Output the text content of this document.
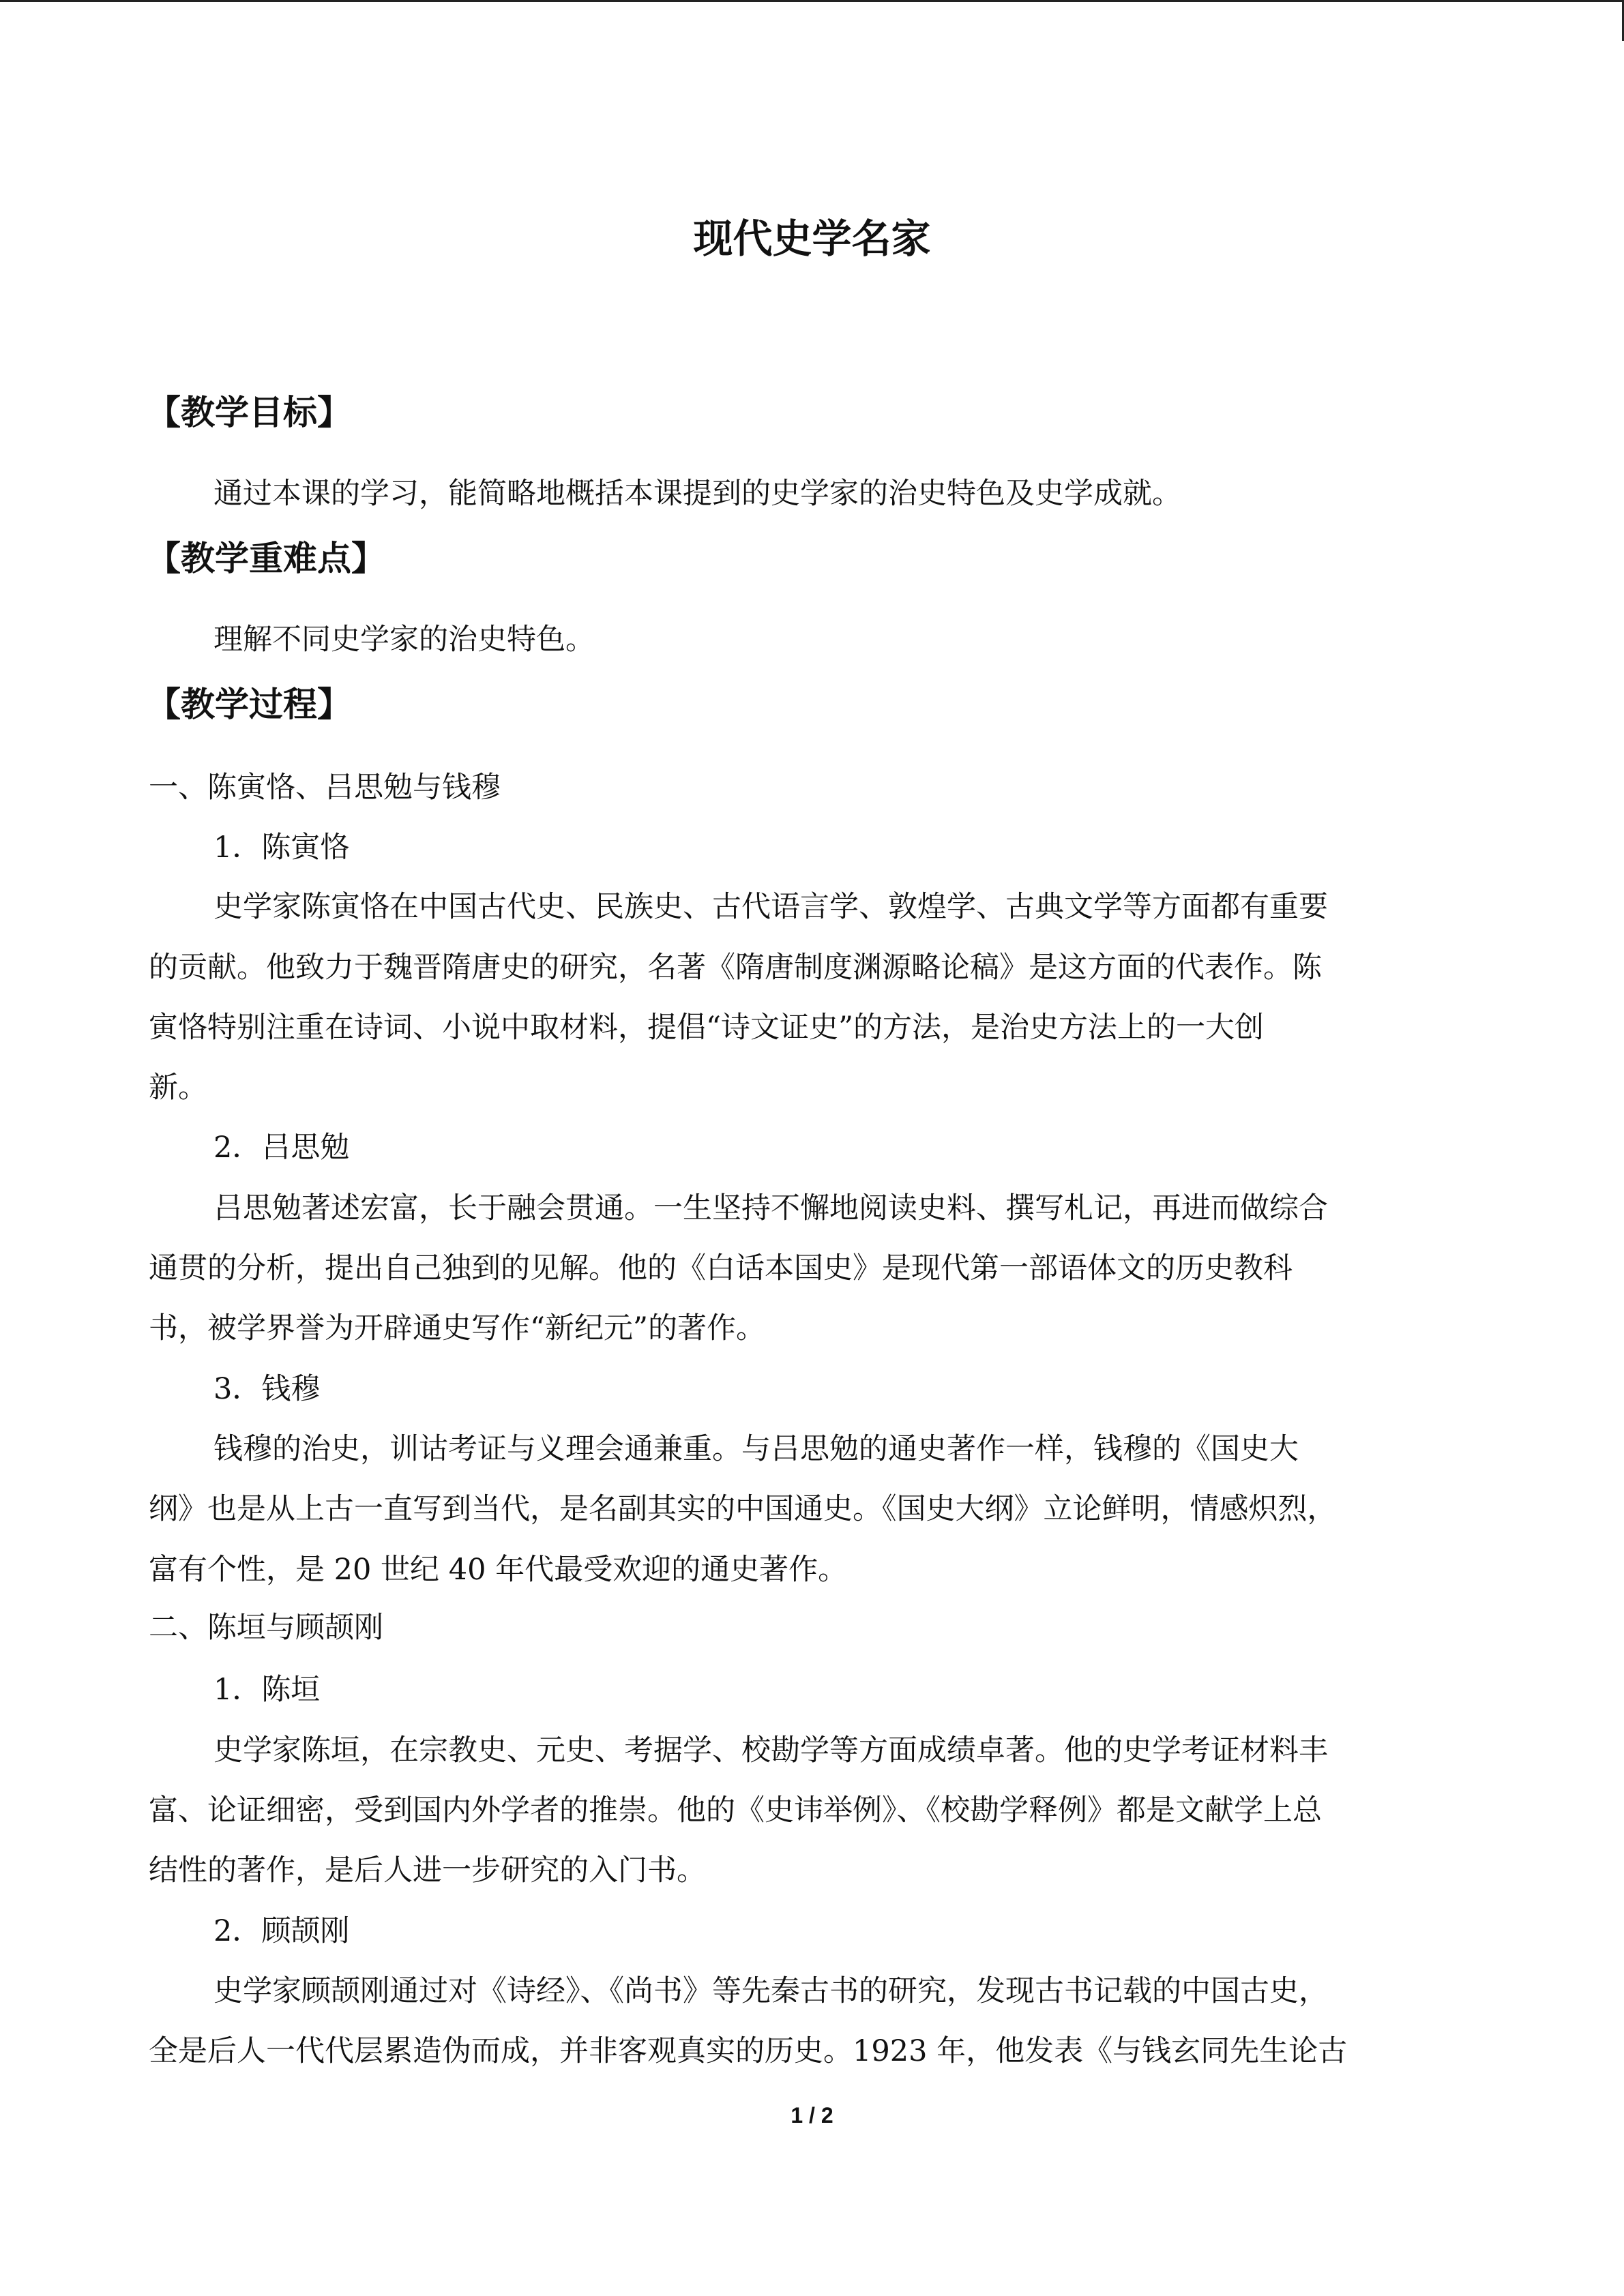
现代史学名家
【教学目标】
通过本课的学习，能简略地概括本课提到的史学家的治史特色及史学成就。
【教学重难点】
理解不同史学家的治史特色。
【教学过程】
一、陈寅恪、吕思勉与钱穆
1．陈寅恪
史学家陈寅恪在中国古代史、民族史、古代语言学、敦煌学、古典文学等方面都有重要
的贡献。他致力于魏晋隋唐史的研究，名著《隋唐制度渊源略论稿》是这方面的代表作。陈
寅恪特别注重在诗词、小说中取材料，提倡“诗文证史”的方法，是治史方法上的一大创
新。
2．吕思勉
吕思勉著述宏富，长于融会贯通。一生坚持不懈地阅读史料、撰写札记，再进而做综合
通贯的分析，提出自己独到的见解。他的《白话本国史》是现代第一部语体文的历史教科
书，被学界誉为开辟通史写作“新纪元”的著作。
3．钱穆
钱穆的治史，训诂考证与义理会通兼重。与吕思勉的通史著作一样，钱穆的《国史大
纲》也是从上古一直写到当代，是名副其实的中国通史。《国史大纲》立论鲜明，情感炽烈，
富有个性，是 20 世纪 40 年代最受欢迎的通史著作。
二、陈垣与顾颉刚
1．陈垣
史学家陈垣，在宗教史、元史、考据学、校勘学等方面成绩卓著。他的史学考证材料丰
富、论证细密，受到国内外学者的推崇。他的《史讳举例》、《校勘学释例》都是文献学上总
结性的著作，是后人进一步研究的入门书。
2．顾颉刚
史学家顾颉刚通过对《诗经》、《尚书》等先秦古书的研究，发现古书记载的中国古史，
全是后人一代代层累造伪而成，并非客观真实的历史。1923 年，他发表《与钱玄同先生论古
1 / 2
